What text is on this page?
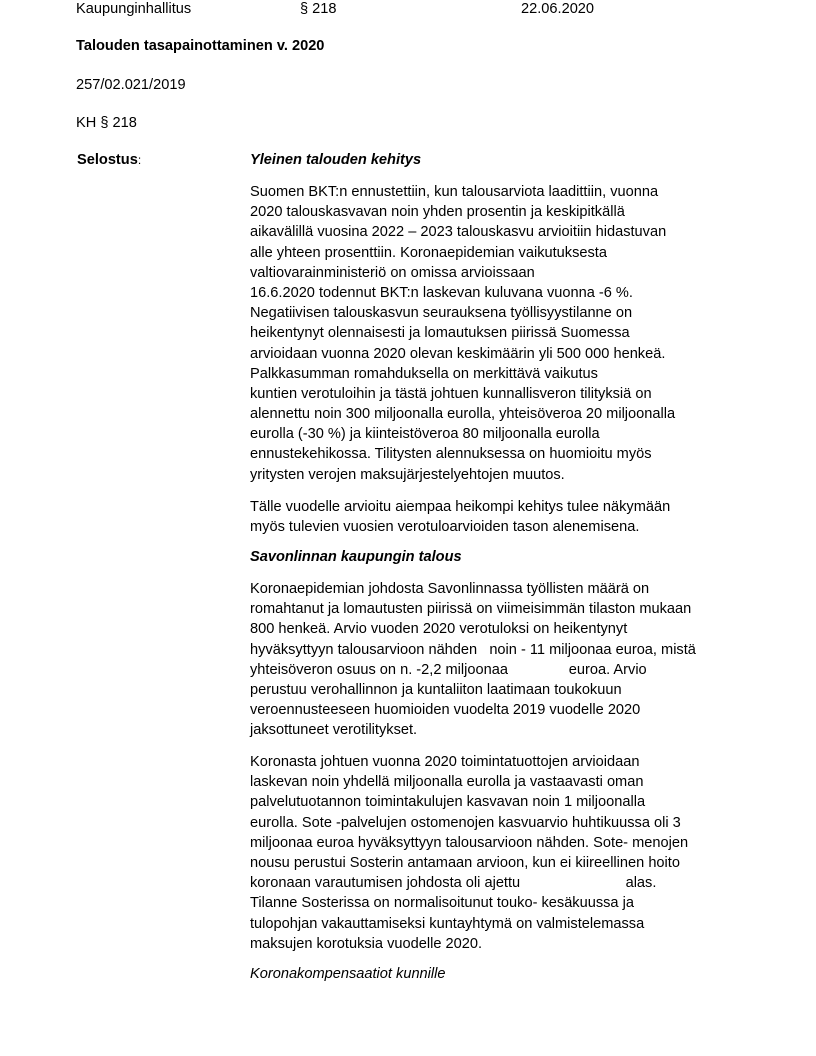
Kaupunginhallitus	§ 218	22.06.2020
Talouden tasapainottaminen v. 2020
257/02.021/2019
KH § 218
Selostus:	Yleinen talouden kehitys
Suomen BKT:n ennustettiin, kun talousarviota laadittiin, vuonna
2020 talouskasvavan noin yhden prosentin ja keskipitkällä
aikavälillä vuosina 2022 – 2023 talouskasvu arvioitiin hidastuvan
alle yhteen prosenttiin. Koronaepidemian vaikutuksesta
valtiovarainministeriö on omissa arvioissaan
16.6.2020 todennut BKT:n laskevan kuluvana vuonna -6 %.
Negatiivisen talouskasvun seurauksena työllisyystilanne on
heikentynyt olennaisesti ja lomautuksen piirissä Suomessa
arvioidaan vuonna 2020 olevan keskimäärin yli 500 000 henkeä.
Palkkasumman romahduksella on merkittävä vaikutus
kuntien verotuloihin ja tästä johtuen kunnallisveron tilityksiä on
alennettu noin 300 miljoonalla eurolla, yhteisöveroa 20 miljoonalla
eurolla (-30 %) ja kiinteistöveroa 80 miljoonalla eurolla
ennustekehikossa. Tilitysten alennuksessa on huomioitu myös
yritysten verojen maksujärjestelyehtojen muutos.
Tälle vuodelle arvioitu aiempaa heikompi kehitys tulee näkymään
myös tulevien vuosien verotuloarvioiden tason alenemisena.
Savonlinnan kaupungin talous
Koronaepidemian johdosta Savonlinnassa työllisten määrä on
romahtanut ja lomautusten piirissä on viimeisimmän tilaston mukaan
800 henkeä. Arvio vuoden 2020 verotuloksi on heikentynyt
hyväksyttyyn talousarvioon nähden   noin - 11 miljoonaa euroa, mistä
yhteisöveron osuus on n. -2,2 miljoonaa               euroa. Arvio
perustuu verohallinnon ja kuntaliiton laatimaan toukokuun
veroennusteeseen huomioiden vuodelta 2019 vuodelle 2020
jaksottuneet verotilitykset.
Koronasta johtuen vuonna 2020 toimintatuottojen arvioidaan
laskevan noin yhdellä miljoonalla eurolla ja vastaavasti oman
palvelutuotannon toimintakulujen kasvavan noin 1 miljoonalla
eurolla. Sote -palvelujen ostomenojen kasvuarvio huhtikuussa oli 3
miljoonaa euroa hyväksyttyyn talousarvioon nähden. Sote- menojen
nousu perustui Sosterin antamaan arvioon, kun ei kiireellinen hoito
koronaan varautumisen johdosta oli ajettu                          alas.
Tilanne Sosterissa on normalisoitunut touko- kesäkuussa ja
tulopohjan vakauttamiseksi kuntayhtymä on valmistelemassa
maksujen korotuksia vuodelle 2020.
Koronakompensaatiot kunnille
